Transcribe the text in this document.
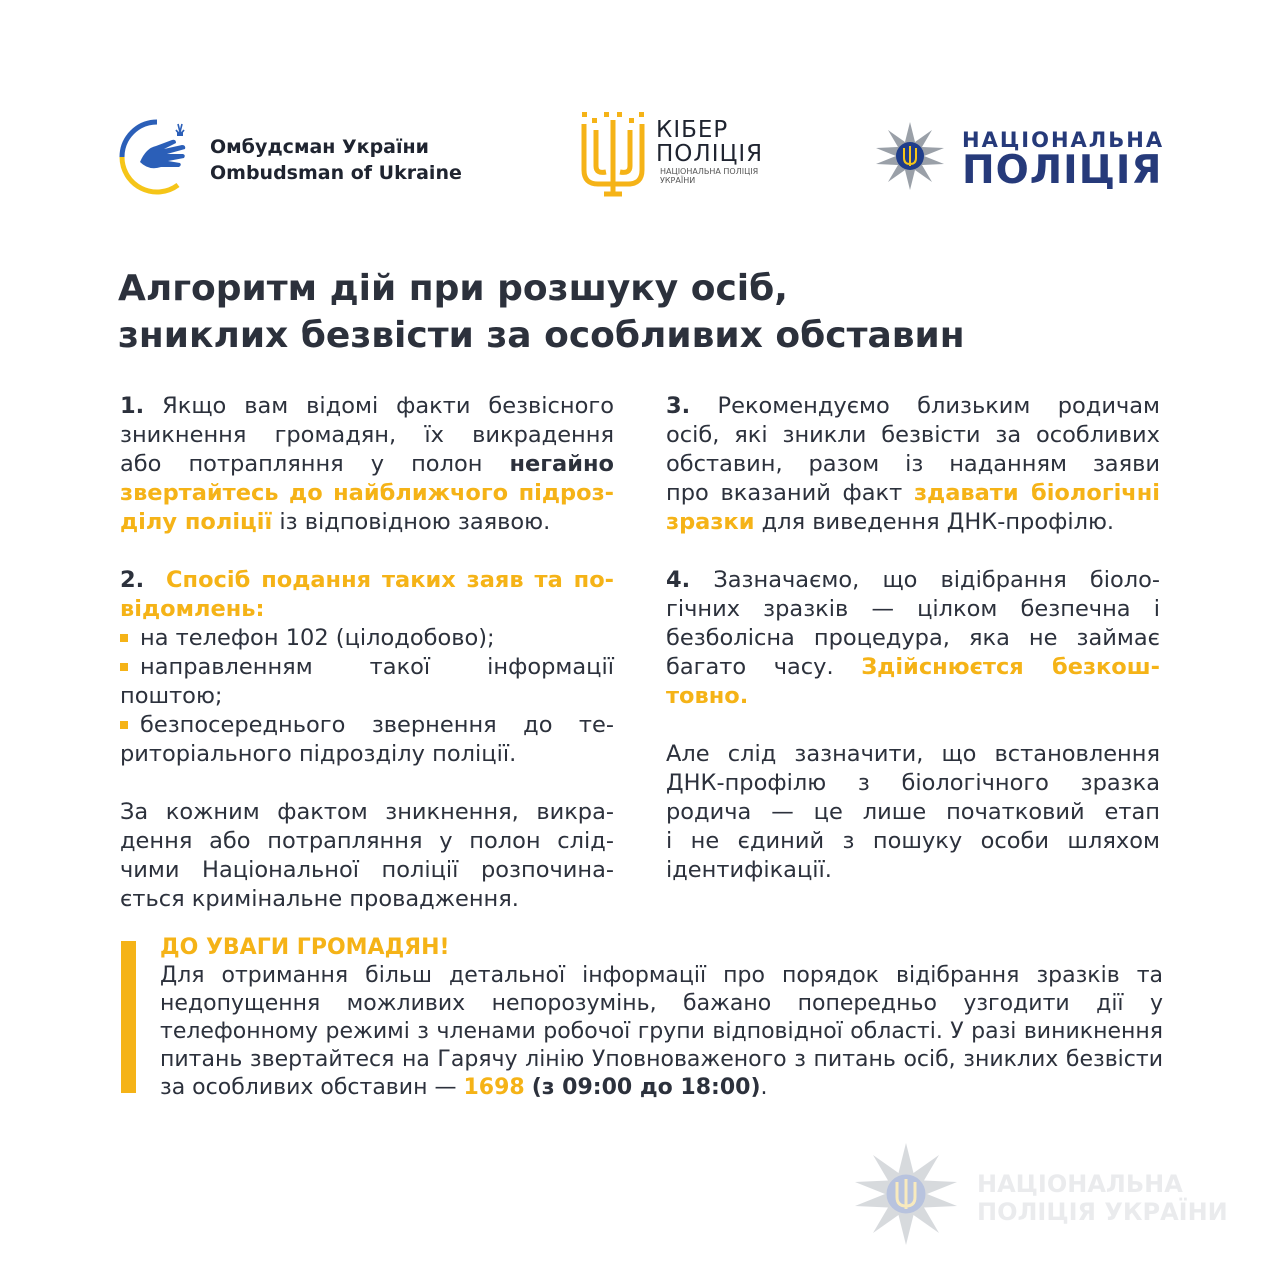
Омбудсман України
Ombudsman of Ukraine
КІБЕР
ПОЛІЦІЯ
НАЦІОНАЛЬНА ПОЛІЦІЯ
УКРАЇНИ
НАЦІОНАЛЬНА
ПОЛІЦІЯ
Алгоритм дій при розшуку осіб,
зниклих безвісти за особливих обставин
1. Якщо вам відомі факти безвісного
зникнення громадян, їх викрадення
або потрапляння у полон негайно
звертайтесь до найближчого підроз-
ділу поліції із відповідною заявою.
2. Спосіб подання таких заяв та по-
відомлень:
на телефон 102 (цілодобово);
направленням такої інформації
поштою;
безпосереднього звернення до те-
риторіального підрозділу поліції.
За кожним фактом зникнення, викра-
дення або потрапляння у полон слід-
чими Національної поліції розпочина-
ється кримінальне провадження.
3. Рекомендуємо близьким родичам
осіб, які зникли безвісти за особливих
обставин, разом із наданням заяви
про вказаний факт здавати біологічні
зразки для виведення ДНК-профілю.
4. Зазначаємо, що відібрання біоло-
гічних зразків — цілком безпечна і
безболісна процедура, яка не займає
багато часу. Здійснюєтся безкош-
товно.
Але слід зазначити, що встановлення
ДНК-профілю з біологічного зразка
родича — це лише початковий етап
і не єдиний з пошуку особи шляхом
ідентифікації.
ДО УВАГИ ГРОМАДЯН!
Для отримання більш детальної інформації про порядок відібрання зразків та недопущення можливих непорозумінь, бажано попередньо узгодити дії у телефонному режимі з членами робочої групи відповідної області. У разі виникнення питань звертайтеся на Гарячу лінію Уповноваженого з питань осіб, зниклих безвісти за особливих обставин — 1698 (з 09:00 до 18:00).
НАЦІОНАЛЬНА
ПОЛІЦІЯ УКРАЇНИ
